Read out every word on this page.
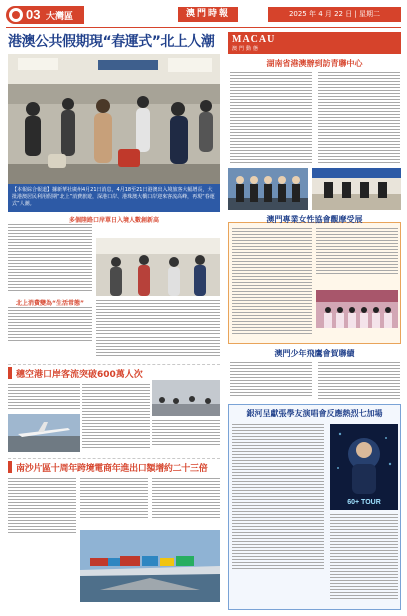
03 大灣區	澳門時報	2025 年 4 月 22 日 | 星期二
港澳公共假期現“春運式”北上人潮
【本報綜合報道】據新華社廣州4月21日消息，4月18至21日港澳出入境旅客大幅增長，大批港澳居民利用假期“北上”消費旅遊，深港口岸、港珠澳大橋口岸迎來客流高峰，再現“春運式”人潮。
多個陸路口岸單日入境人數創新高
北上消費變為“生活常態”
穗空港口岸客流突破600萬人次
南沙片區十周年跨境電商年進出口額增約二十三倍
MACAU
澳門動態
湖南省港澳辦到訪青聯中心
澳門專業女性協會觀摩受展
澳門少年飛鷹會賀聯續
銀河呈獻張學友演唱會反應熱烈七加場
60+ TOUR
